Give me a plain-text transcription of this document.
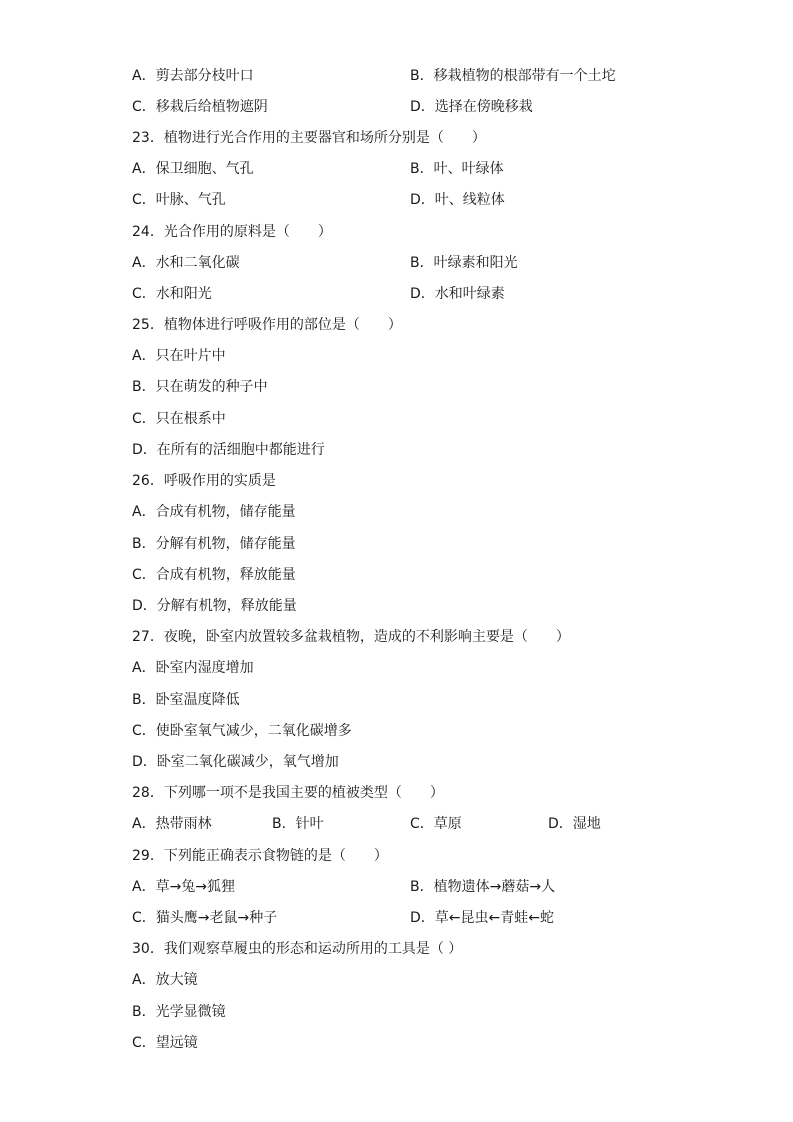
A．剪去部分枝叶口	B．移栽植物的根部带有一个土坨
C．移栽后给植物遮阴	D．选择在傍晚移栽
23．植物进行光合作用的主要器官和场所分别是（　　）
A．保卫细胞、气孔	B．叶、叶绿体
C．叶脉、气孔	D．叶、线粒体
24．光合作用的原料是（　　）
A．水和二氧化碳	B．叶绿素和阳光
C．水和阳光	D．水和叶绿素
25．植物体进行呼吸作用的部位是（　　）
A．只在叶片中
B．只在萌发的种子中
C．只在根系中
D．在所有的活细胞中都能进行
26．呼吸作用的实质是
A．合成有机物，储存能量
B．分解有机物，储存能量
C．合成有机物，释放能量
D．分解有机物，释放能量
27．夜晚，卧室内放置较多盆栽植物，造成的不利影响主要是（　　）
A．卧室内湿度增加
B．卧室温度降低
C．使卧室氧气减少，二氧化碳增多
D．卧室二氧化碳减少，氧气增加
28．下列哪一项不是我国主要的植被类型（　　）
A．热带雨林	B．针叶	C．草原	D．湿地
29．下列能正确表示食物链的是（　　）
A．草→兔→狐狸	B．植物遗体→蘑菇→人
C．猫头鹰→老鼠→种子	D．草←昆虫←青蛙←蛇
30．我们观察草履虫的形态和运动所用的工具是（ ）
A．放大镜
B．光学显微镜
C．望远镜
